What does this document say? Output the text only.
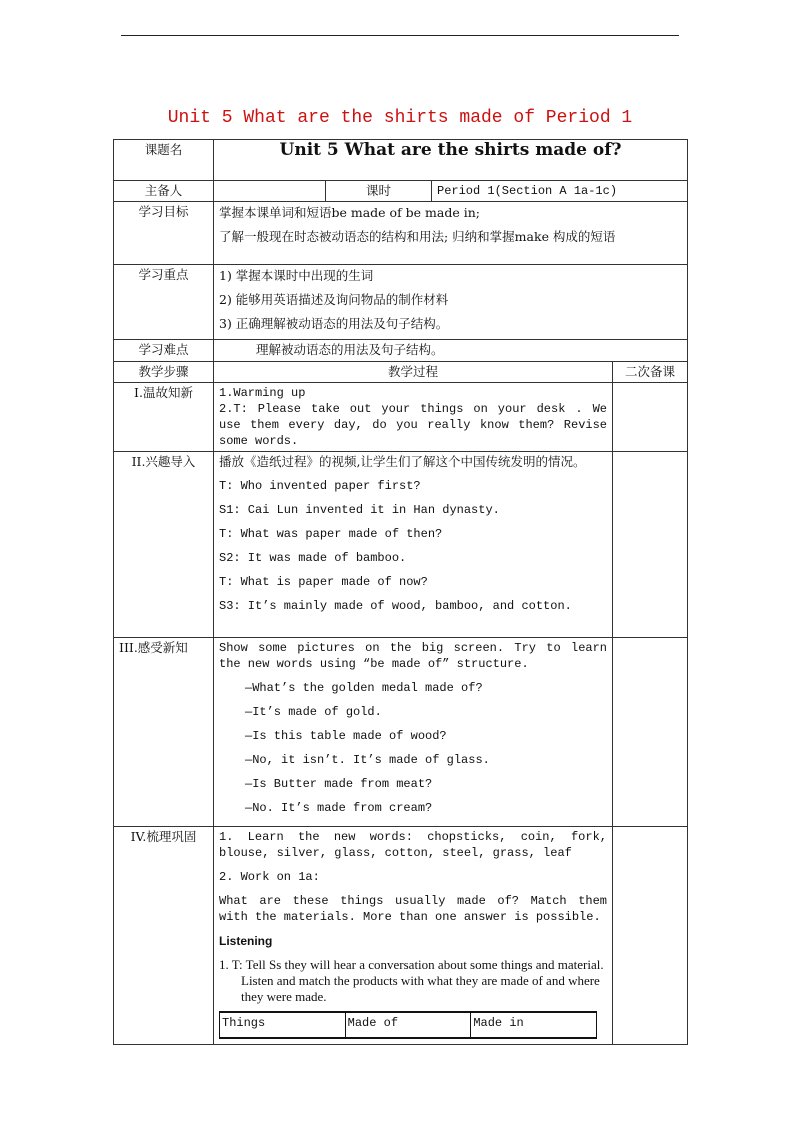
Unit 5 What are the shirts made of Period 1
课题名	Unit 5 What are the shirts made of?
主备人		课时	Period 1(Section A 1a-1c)
学习目标	掌握本课单词和短语be made of be made in;

了解一般现在时态被动语态的结构和用法; 归纳和掌握make 构成的短语

学习重点	1) 掌握本课时中出现的生词

2) 能够用英语描述及询问物品的制作材料

3) 正确理解被动语态的用法及句子结构。

学习难点	理解被动语态的用法及句子结构。
教学步骤	教学过程	二次备课
I.温故知新	1.Warming up

2.T: Please take out your things on your desk . We use them every day, do you really know them? Revise some words.

II.兴趣导入	播放《造纸过程》的视频,让学生们了解这个中国传统发明的情况。

T: Who invented paper first?

S1: Cai Lun invented it in Han dynasty.

T: What was paper made of then?

S2: It was made of bamboo.

T: What is paper made of now?

S3: It’s mainly made of wood, bamboo, and cotton.

III.感受新知	Show some pictures on the big screen. Try to learn the new words using “be made of” structure.

—What’s the golden medal made of?

—It’s made of gold.

—Is this table made of wood?

—No, it isn’t. It’s made of glass.

—Is Butter made from meat?

—No. It’s made from cream?

IV.梳理巩固	1. Learn the new words: chopsticks, coin, fork, blouse, silver, glass, cotton, steel, grass, leaf

2. Work on 1a:

What are these things usually made of? Match them with the materials. More than one answer is possible.

Listening

1. T: Tell Ss they will hear a conversation about some things and material. Listen and match the products with what they are made of and where they were made.

Things	Made of	Made in
